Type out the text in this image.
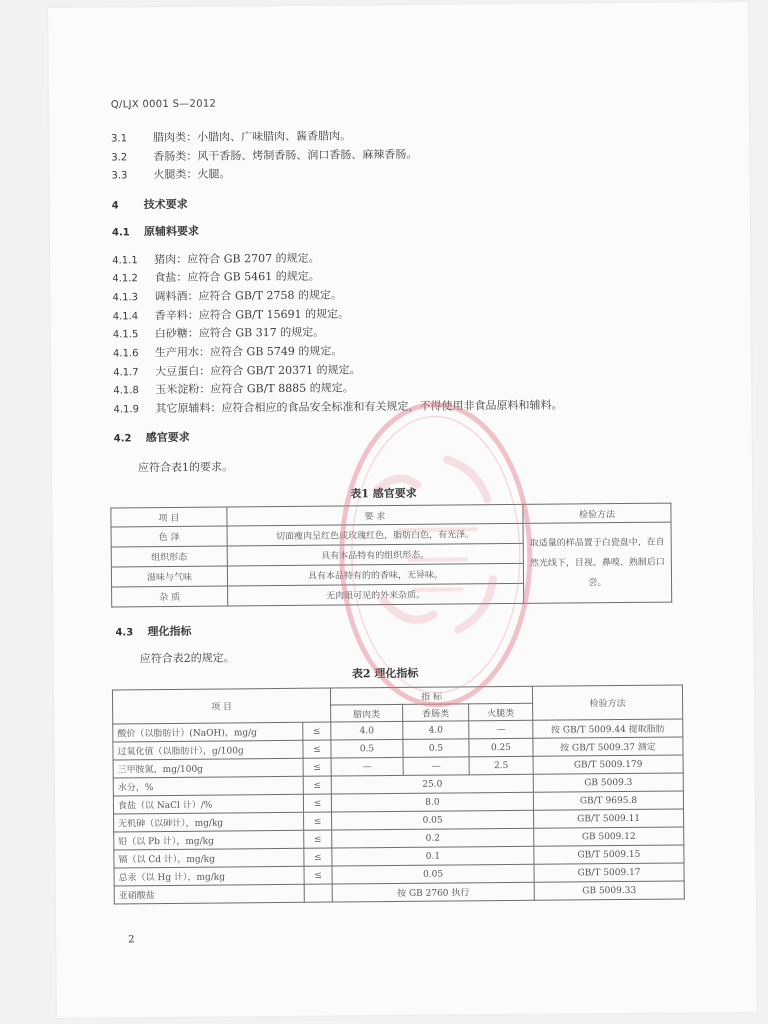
Q/LJX 0001 S—2012
3.1 腊肉类：小腊肉、广味腊肉、酱香腊肉。
3.2 香肠类：风干香肠、烤制香肠、润口香肠、麻辣香肠。
3.3 火腿类：火腿。
4 技术要求
4.1 原辅料要求
4.1.1 猪肉：应符合 GB 2707 的规定。
4.1.2 食盐：应符合 GB 5461 的规定。
4.1.3 调料酒：应符合 GB/T 2758 的规定。
4.1.4 香辛料：应符合 GB/T 15691 的规定。
4.1.5 白砂糖：应符合 GB 317 的规定。
4.1.6 生产用水：应符合 GB 5749 的规定。
4.1.7 大豆蛋白：应符合 GB/T 20371 的规定。
4.1.8 玉米淀粉：应符合 GB/T 8885 的规定。
4.1.9 其它原辅料：应符合相应的食品安全标准和有关规定，不得使用非食品原料和辅料。
4.2 感官要求
应符合表1的要求。
表1 感官要求
项 目	要 求	检验方法
色 泽	切面瘦肉呈红色或玫瑰红色，脂肪白色，有光泽。	取适量的样品置于白瓷盘中，在自然光线下，目视、鼻嗅、熟制后口尝。
组织形态	具有本品特有的组织形态。	
滋味与气味	具有本品特有的的香味，无异味。	
杂 质	无肉眼可见的外来杂质。	
4.3 理化指标
应符合表2的规定。
表2 理化指标
项 目		指 标			检验方法
		腊肉类	香肠类	火腿类	
酸价（以脂肪计）(NaOH)，mg/g	≤	4.0	4.0	—	按 GB/T 5009.44 提取脂肪
过氧化值（以脂肪计），g/100g	≤	0.5	0.5	0.25	按 GB/T 5009.37 测定
三甲胺氮，mg/100g	≤	—	—	2.5	GB/T 5009.179
水分，%	≤	25.0			GB 5009.3
食盐（以 NaCl 计）/%	≤	8.0			GB/T 9695.8
无机砷（以砷计），mg/kg	≤	0.05			GB/T 5009.11
铅（以 Pb 计），mg/kg	≤	0.2			GB 5009.12
镉（以 Cd 计），mg/kg	≤	0.1			GB/T 5009.15
总汞（以 Hg 计），mg/kg	≤	0.05			GB/T 5009.17
亚硝酸盐		按 GB 2760 执行			GB 5009.33
2
